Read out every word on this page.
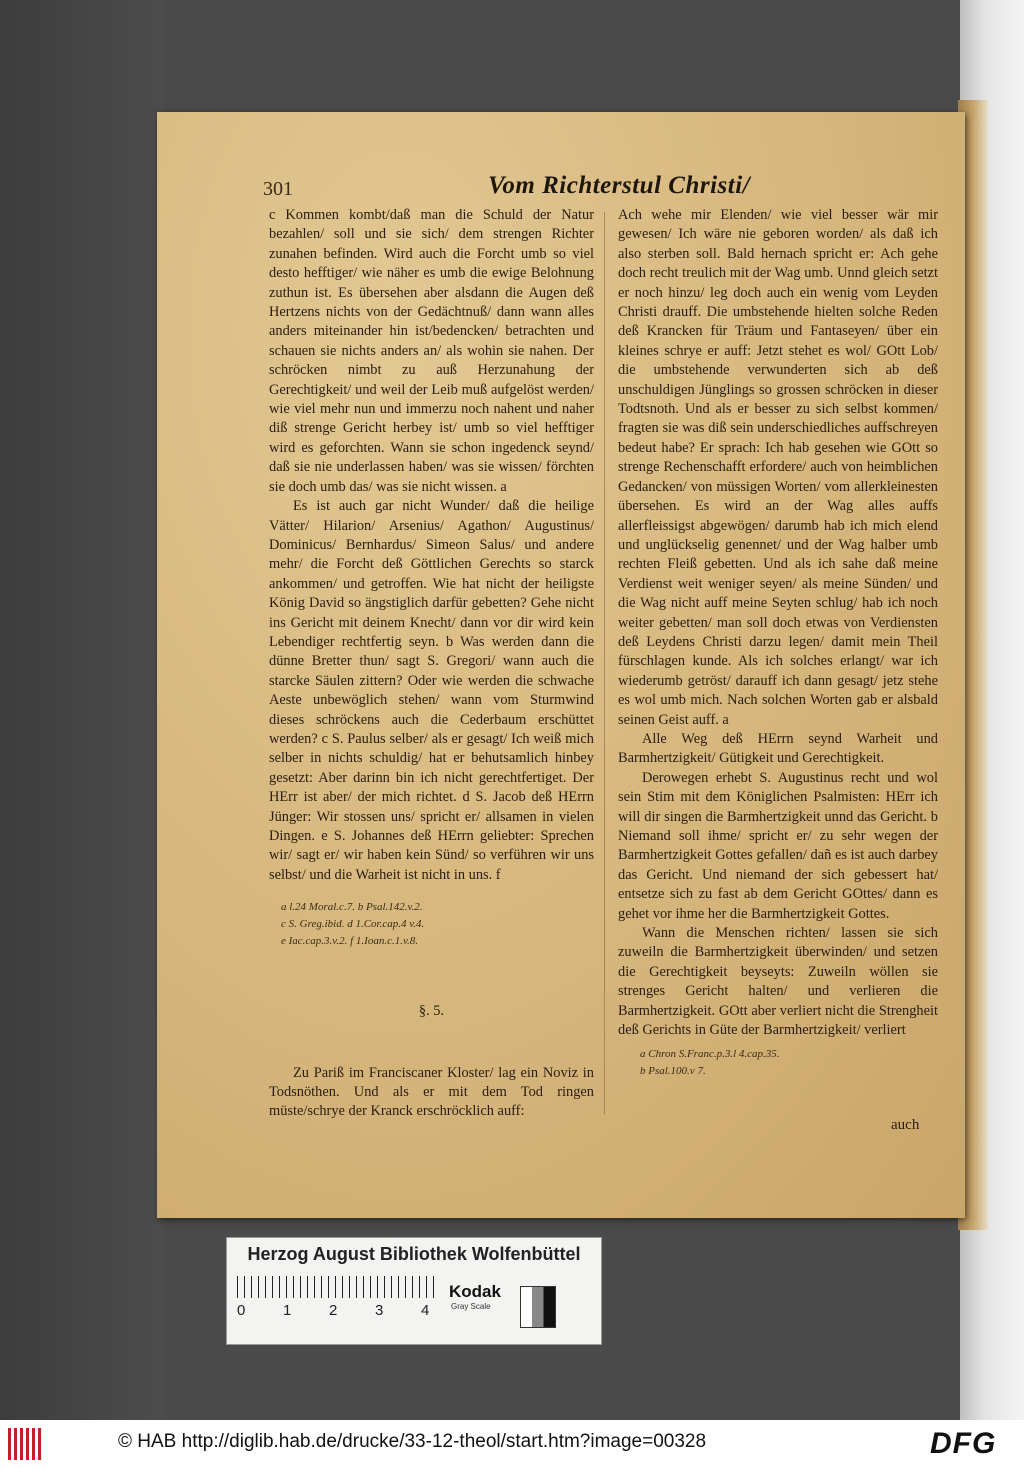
301	Vom Richterstul Christi/

c Kommen kombt/daß man die Schuld der Natur bezahlen/ soll und sie sich/ dem strengen Richter zunahen befinden. Wird auch die Forcht umb so viel desto hefftiger/ wie näher es umb die ewige Belohnung zuthun ist. Es übersehen aber alsdann die Augen deß Hertzens nichts von der Gedächtnuß/ dann wann alles anders miteinander hin ist/bedencken/ betrachten und schauen sie nichts anders an/ als wohin sie nahen. Der schröcken nimbt zu auß Herzunahung der Gerechtigkeit/ und weil der Leib muß aufgelöst werden/ wie viel mehr nun und immerzu noch nahent und naher diß strenge Gericht herbey ist/ umb so viel hefftiger wird es geforchten. Wann sie schon ingedenck seynd/ daß sie nie underlassen haben/ was sie wissen/ förchten sie doch umb das/ was sie nicht wissen. a

Es ist auch gar nicht Wunder/ daß die heilige Vätter/ Hilarion/ Arsenius/ Agathon/ Augustinus/ Dominicus/ Bernhardus/ Simeon Salus/ und andere mehr/ die Forcht deß Göttlichen Gerechts so starck ankommen/ und getroffen. Wie hat nicht der heiligste König David so ängstiglich darfür gebetten? Gehe nicht ins Gericht mit deinem Knecht/ dann vor dir wird kein Lebendiger rechtfertig seyn. b Was werden dann die dünne Bretter thun/ sagt S. Gregori/ wann auch die starcke Säulen zittern? Oder wie werden die schwache Aeste unbewöglich stehen/ wann vom Sturmwind dieses schröckens auch die Cederbaum erschüttet werden? c S. Paulus selber/ als er gesagt/ Ich weiß mich selber in nichts schuldig/ hat er behutsamlich hinbey gesetzt: Aber darinn bin ich nicht gerechtfertiget. Der HErr ist aber/ der mich richtet. d S. Jacob deß HErrn Jünger: Wir stossen uns/ spricht er/ allsamen in vielen Dingen. e S. Johannes deß HErrn geliebter: Sprechen wir/ sagt er/ wir haben kein Sünd/ so verführen wir uns selbst/ und die Warheit ist nicht in uns. f

a l.24 Moral.c.7. b Psal.142.v.2.
c S. Greg.ibid. d 1.Cor.cap.4 v.4.
e Iac.cap.3.v.2. f 1.Ioan.c.1.v.8.

§. 5.

Zu Pariß im Franciscaner Kloster/ lag ein Noviz in Todsnöthen. Und als er mit dem Tod ringen müste/schrye der Kranck erschröcklich auff:

Ach wehe mir Elenden/ wie viel besser wär mir gewesen/ Ich wäre nie geboren worden/ als daß ich also sterben soll. Bald hernach spricht er: Ach gehe doch recht treulich mit der Wag umb. Unnd gleich setzt er noch hinzu/ leg doch auch ein wenig vom Leyden Christi drauff. Die umbstehende hielten solche Reden deß Krancken für Träum und Fantaseyen/ über ein kleines schrye er auff: Jetzt stehet es wol/ GOtt Lob/ die umbstehende verwunderten sich ab deß unschuldigen Jünglings so grossen schröcken in dieser Todtsnoth. Und als er besser zu sich selbst kommen/ fragten sie was diß sein underschiedliches auffschreyen bedeut habe? Er sprach: Ich hab gesehen wie GOtt so strenge Rechenschafft erfordere/ auch von heimblichen Gedancken/ von müssigen Worten/ vom allerkleinesten übersehen. Es wird an der Wag alles auffs allerfleissigst abgewögen/ darumb hab ich mich elend und unglückselig genennet/ und der Wag halber umb rechten Fleiß gebetten. Und als ich sahe daß meine Verdienst weit weniger seyen/ als meine Sünden/ und die Wag nicht auff meine Seyten schlug/ hab ich noch weiter gebetten/ man soll doch etwas von Verdiensten deß Leydens Christi darzu legen/ damit mein Theil fürschlagen kunde. Als ich solches erlangt/ war ich wiederumb getröst/ darauff ich dann gesagt/ jetz stehe es wol umb mich. Nach solchen Worten gab er alsbald seinen Geist auff. a

Alle Weg deß HErrn seynd Warheit und Barmhertzigkeit/ Gütigkeit und Gerechtigkeit.

Derowegen erhebt S. Augustinus recht und wol sein Stim mit dem Königlichen Psalmisten: HErr ich will dir singen die Barmhertzigkeit unnd das Gericht. b Niemand soll ihme/ spricht er/ zu sehr wegen der Barmhertzigkeit Gottes gefallen/ dañ es ist auch darbey das Gericht. Und niemand der sich gebessert hat/ entsetze sich zu fast ab dem Gericht GOttes/ dann es gehet vor ihme her die Barmhertzigkeit Gottes.

Wann die Menschen richten/ lassen sie sich zuweiln die Barmhertzigkeit überwinden/ und setzen die Gerechtigkeit beyseyts: Zuweiln wöllen sie strenges Gericht halten/ und verlieren die Barmhertzigkeit. GOtt aber verliert nicht die Strengheit deß Gerichts in Güte der Barmhertzigkeit/ verliert

a Chron S.Franc.p.3.l 4.cap.35.
b Psal.100.v 7.
auch
Herzog August Bibliothek Wolfenbüttel
0	1	2	3	4
Kodak
Gray Scale
© HAB http://diglib.hab.de/drucke/33-12-theol/start.htm?image=00328	DFG
